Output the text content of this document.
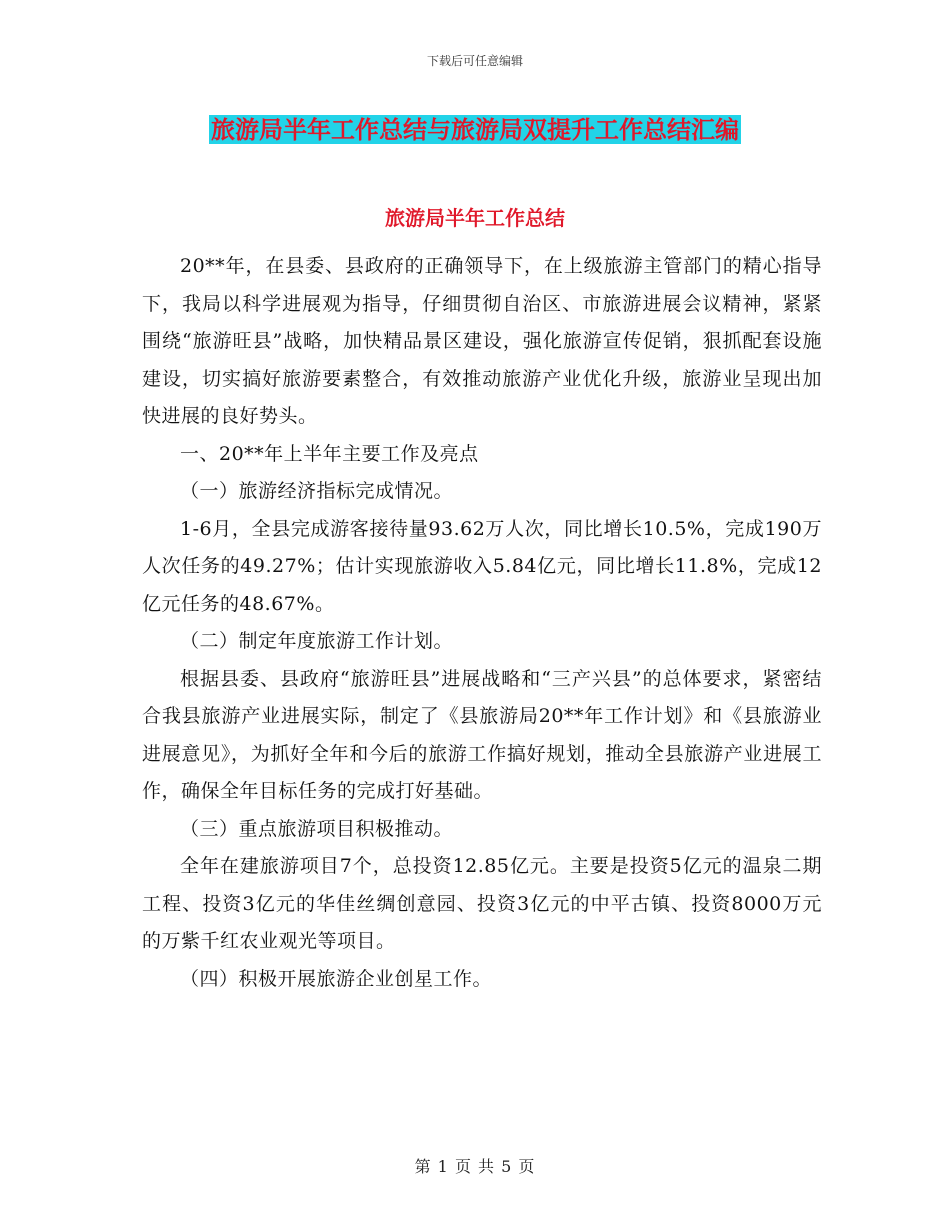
下载后可任意编辑
旅游局半年工作总结与旅游局双提升工作总结汇编
旅游局半年工作总结

20**年，在县委、县政府的正确领导下，在上级旅游主管部门的精心指导下，我局以科学进展观为指导，仔细贯彻自治区、市旅游进展会议精神，紧紧围绕“旅游旺县”战略，加快精品景区建设，强化旅游宣传促销，狠抓配套设施建设，切实搞好旅游要素整合，有效推动旅游产业优化升级，旅游业呈现出加快进展的良好势头。

一、20**年上半年主要工作及亮点

（一）旅游经济指标完成情况。

1-6月，全县完成游客接待量93.62万人次，同比增长10.5%，完成190万人次任务的49.27%；估计实现旅游收入5.84亿元，同比增长11.8%，完成12亿元任务的48.67%。

（二）制定年度旅游工作计划。

根据县委、县政府“旅游旺县”进展战略和“三产兴县”的总体要求，紧密结合我县旅游产业进展实际，制定了《县旅游局20**年工作计划》和《县旅游业进展意见》，为抓好全年和今后的旅游工作搞好规划，推动全县旅游产业进展工作，确保全年目标任务的完成打好基础。

（三）重点旅游项目积极推动。

全年在建旅游项目7个，总投资12.85亿元。主要是投资5亿元的温泉二期工程、投资3亿元的华佳丝绸创意园、投资3亿元的中平古镇、投资8000万元的万紫千红农业观光等项目。

（四）积极开展旅游企业创星工作。

第 1 页 共 5 页
